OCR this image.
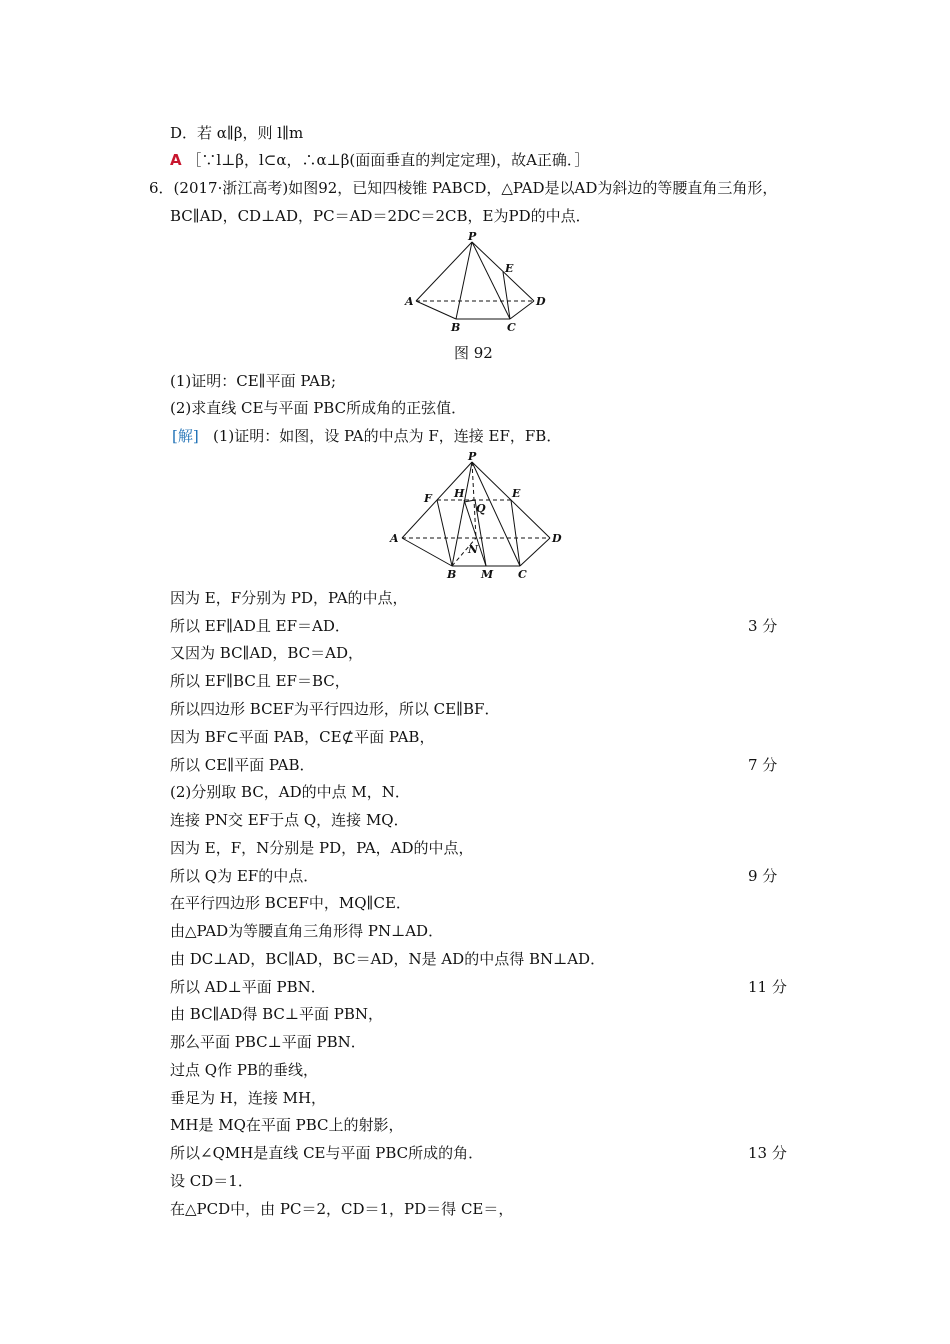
D．若 α∥β，则 l∥m
A ［∵l⊥β，l⊂α，∴α⊥β(面面垂直的判定定理)，故A正确．］
6．(2017·浙江高考)如图92，已知四棱锥 PABCD，△PAD是以AD为斜边的等腰直角三角形，
BC∥AD，CD⊥AD，PC＝AD＝2DC＝2CB，E为PD的中点．
P
E
A	D
B	C
图 92
(1)证明：CE∥平面 PAB;
(2)求直线 CE与平面 PBC所成角的正弦值．
[解] (1)证明：如图，设 PA的中点为 F，连接 EF，FB．
P
F H	E
Q
A	D
N
B M C
因为 E，F分别为 PD，PA的中点，
所以 EF∥AD且 EF＝AD．	3 分
又因为 BC∥AD，BC＝AD，
所以 EF∥BC且 EF＝BC，
所以四边形 BCEF为平行四边形，所以 CE∥BF．
因为 BF⊂平面 PAB，CE⊄平面 PAB，
所以 CE∥平面 PAB．	7 分
(2)分别取 BC，AD的中点 M，N．
连接 PN交 EF于点 Q，连接 MQ．
因为 E，F，N分别是 PD，PA，AD的中点，
所以 Q为 EF的中点．	9 分
在平行四边形 BCEF中，MQ∥CE．
由△PAD为等腰直角三角形得 PN⊥AD．
由 DC⊥AD，BC∥AD，BC＝AD，N是 AD的中点得 BN⊥AD．
所以 AD⊥平面 PBN．	11 分
由 BC∥AD得 BC⊥平面 PBN，
那么平面 PBC⊥平面 PBN．
过点 Q作 PB的垂线，
垂足为 H，连接 MH，
MH是 MQ在平面 PBC上的射影，
所以∠QMH是直线 CE与平面 PBC所成的角．	13 分
设 CD＝1．
在△PCD中，由 PC＝2，CD＝1，PD＝得 CE＝，
